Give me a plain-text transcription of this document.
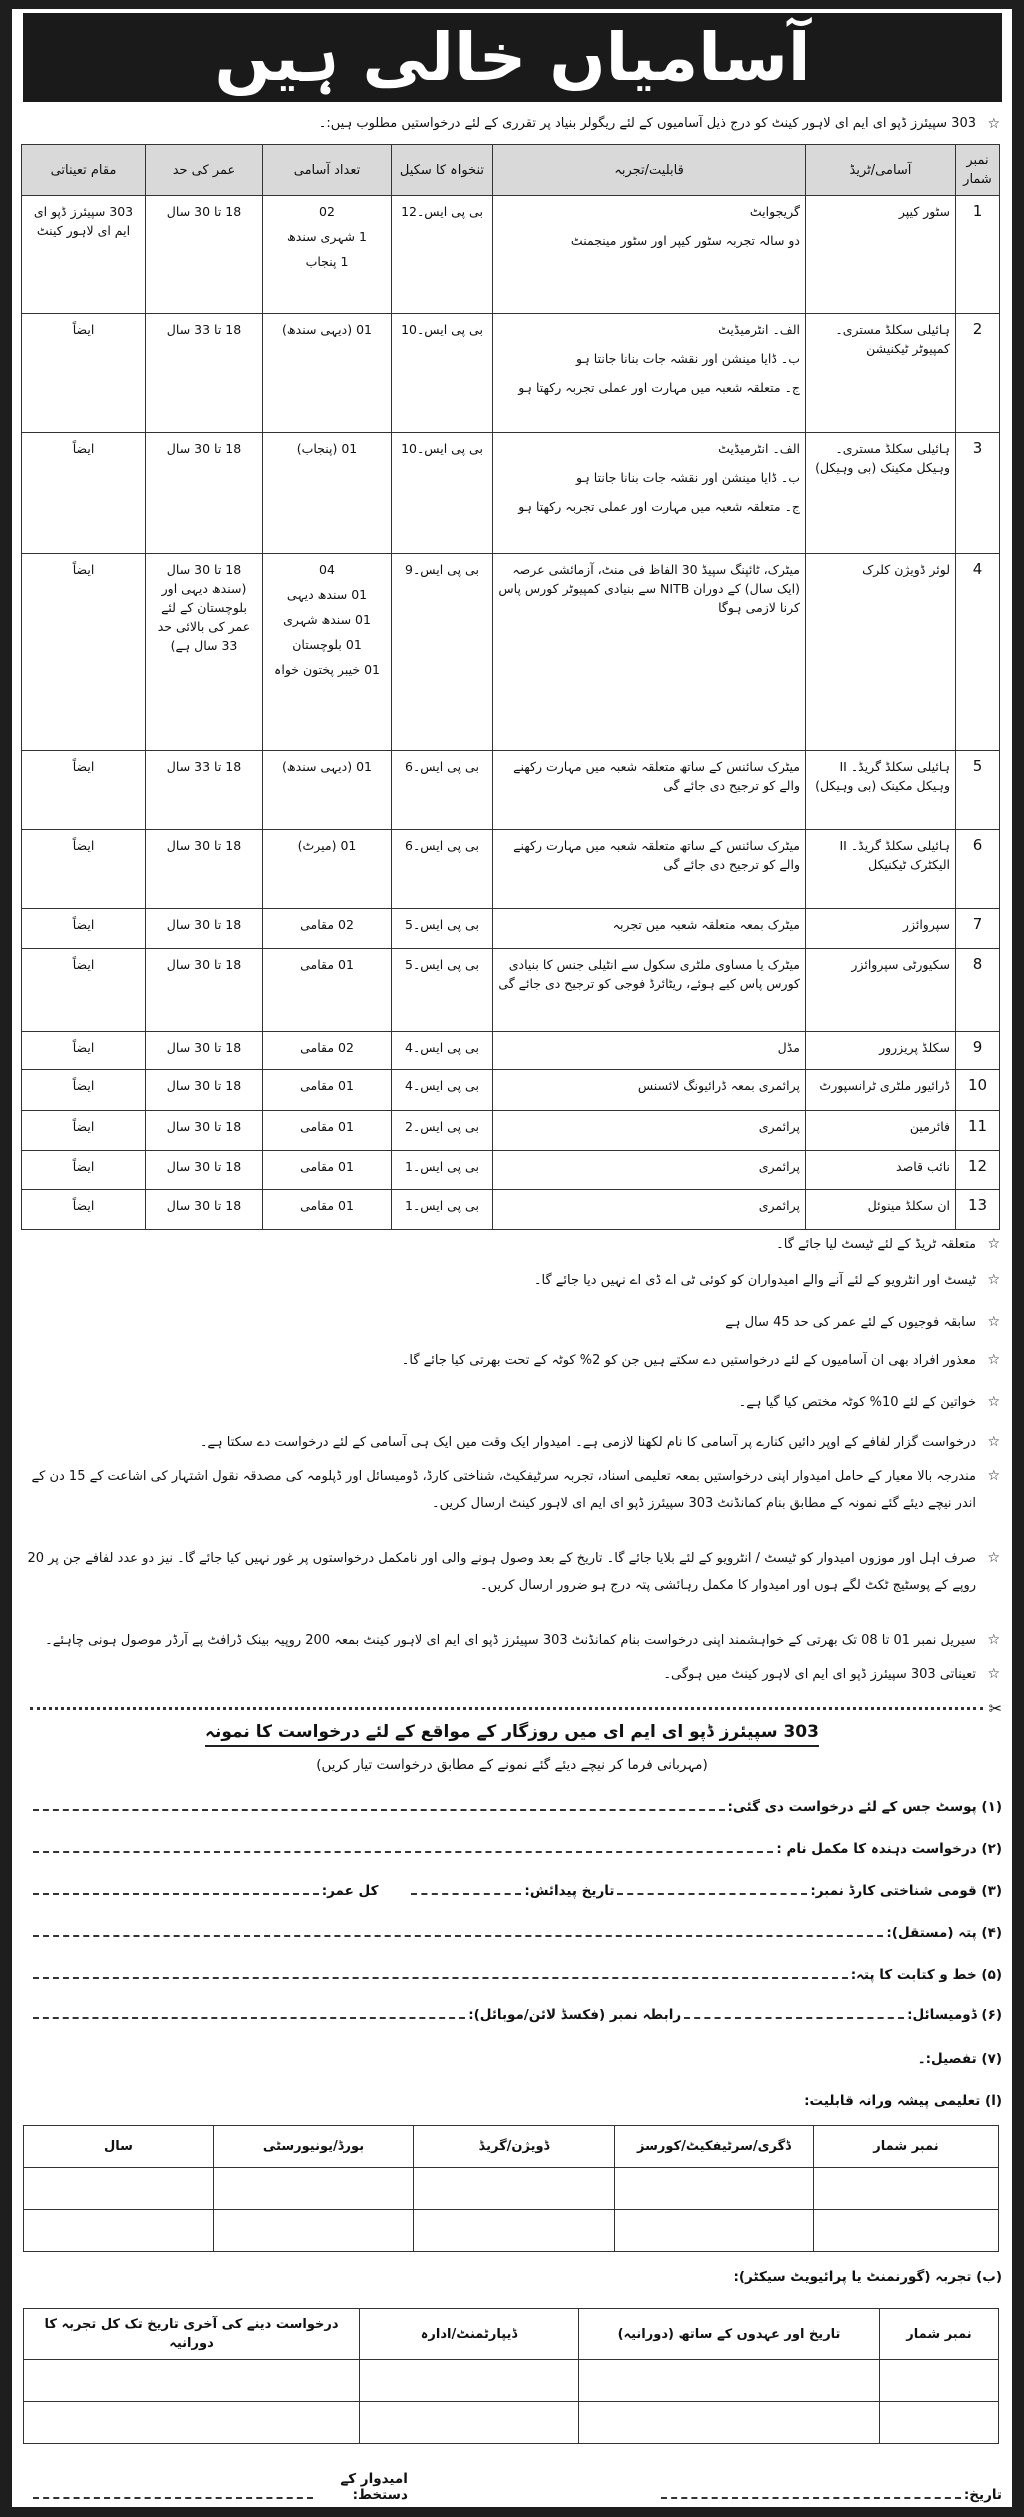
آسامیاں خالی ہیں
☆
303 سپیئرز ڈپو ای ایم ای لاہور کینٹ کو درج ذیل آسامیوں کے لئے ریگولر بنیاد پر تقرری کے لئے درخواستیں مطلوب ہیں:۔
نمبر شمار	آسامی/ٹریڈ	قابلیت/تجربہ	تنخواہ کا سکیل	تعداد آسامی	عمر کی حد	مقام تعیناتی
1	سٹور کیپر	گریجوایٹ
دو سالہ تجربہ سٹور کیپر اور سٹور مینجمنٹ	بی پی ایس۔12	02
1 شہری سندھ
1 پنجاب	18 تا 30 سال	303 سپیئرز ڈپو ای ایم ای لاہور کینٹ

2	ہائیلی سکلڈ مستری۔ کمپیوٹر ٹیکنیشن	الف۔ انٹرمیڈیٹ
ب۔ ڈایا مینشن اور نقشہ جات بنانا جانتا ہو
ج۔ متعلقہ شعبہ میں مہارت اور عملی تجربہ رکھتا ہو	بی پی ایس۔10	01 (دیہی سندھ)	18 تا 33 سال	ایضاً

3	ہائیلی سکلڈ مستری۔ وہیکل مکینک (بی وہیکل)	الف۔ انٹرمیڈیٹ
ب۔ ڈایا مینشن اور نقشہ جات بنانا جانتا ہو
ج۔ متعلقہ شعبہ میں مہارت اور عملی تجربہ رکھتا ہو	بی پی ایس۔10	01 (پنجاب)	18 تا 30 سال	ایضاً

4	لوئر ڈویژن کلرک	میٹرک، ٹائپنگ سپیڈ 30 الفاظ فی منٹ، آزمائشی عرصہ (ایک سال) کے دوران NITB سے بنیادی کمپیوٹر کورس پاس کرنا لازمی ہوگا	بی پی ایس۔9	04
01 سندھ دیہی
01 سندھ شہری
01 بلوچستان
01 خیبر پختون خواہ	18 تا 30 سال (سندھ دیہی اور بلوچستان کے لئے عمر کی بالائی حد 33 سال ہے)	ایضاً

5	ہائیلی سکلڈ گریڈ۔ II وہیکل مکینک (بی وہیکل)	میٹرک سائنس کے ساتھ متعلقہ شعبہ میں مہارت رکھنے والے کو ترجیح دی جائے گی	بی پی ایس۔6	01 (دیہی سندھ)	18 تا 33 سال	ایضاً

6	ہائیلی سکلڈ گریڈ۔ II الیکٹرک ٹیکنیکل	میٹرک سائنس کے ساتھ متعلقہ شعبہ میں مہارت رکھنے والے کو ترجیح دی جائے گی	بی پی ایس۔6	01 (میرٹ)	18 تا 30 سال	ایضاً

7	سپروائزر	میٹرک بمعہ متعلقہ شعبہ میں تجربہ	بی پی ایس۔5	02 مقامی	18 تا 30 سال	ایضاً

8	سکیورٹی سپروائزر	میٹرک یا مساوی ملٹری سکول سے انٹیلی جنس کا بنیادی کورس پاس کیے ہوئے، ریٹائرڈ فوجی کو ترجیح دی جائے گی	بی پی ایس۔5	01 مقامی	18 تا 30 سال	ایضاً

9	سکلڈ پریزرور	مڈل	بی پی ایس۔4	02 مقامی	18 تا 30 سال	ایضاً

10	ڈرائیور ملٹری ٹرانسپورٹ	پرائمری بمعہ ڈرائیونگ لائسنس	بی پی ایس۔4	01 مقامی	18 تا 30 سال	ایضاً

11	فائرمین	پرائمری	بی پی ایس۔2	01 مقامی	18 تا 30 سال	ایضاً

12	نائب قاصد	پرائمری	بی پی ایس۔1	01 مقامی	18 تا 30 سال	ایضاً

13	ان سکلڈ مینوئل	پرائمری	بی پی ایس۔1	01 مقامی	18 تا 30 سال	ایضاً
☆
متعلقہ ٹریڈ کے لئے ٹیسٹ لیا جائے گا۔
☆
ٹیسٹ اور انٹرویو کے لئے آنے والے امیدواران کو کوئی ٹی اے ڈی اے نہیں دیا جائے گا۔
☆
سابقہ فوجیوں کے لئے عمر کی حد 45 سال ہے
☆
معذور افراد بھی ان آسامیوں کے لئے درخواستیں دے سکتے ہیں جن کو 2% کوٹہ کے تحت بھرتی کیا جائے گا۔
☆
خواتین کے لئے 10% کوٹہ مختص کیا گیا ہے۔
☆
درخواست گزار لفافے کے اوپر دائیں کنارے پر آسامی کا نام لکھنا لازمی ہے۔ امیدوار ایک وقت میں ایک ہی آسامی کے لئے درخواست دے سکتا ہے۔
☆
مندرجہ بالا معیار کے حامل امیدوار اپنی درخواستیں بمعہ تعلیمی اسناد، تجربہ سرٹیفکیٹ، شناختی کارڈ، ڈومیسائل اور ڈپلومہ کی مصدقہ نقول اشتہار کی اشاعت کے 15 دن کے اندر نیچے دیئے گئے نمونہ کے مطابق بنام کمانڈنٹ 303 سپیئرز ڈپو ای ایم ای لاہور کینٹ ارسال کریں۔
☆
صرف اہل اور موزوں امیدوار کو ٹیسٹ / انٹرویو کے لئے بلایا جائے گا۔ تاریخ کے بعد وصول ہونے والی اور نامکمل درخواستوں پر غور نہیں کیا جائے گا۔ نیز دو عدد لفافے جن پر 20 روپے کے پوسٹیج ٹکٹ لگے ہوں اور امیدوار کا مکمل رہائشی پتہ درج ہو ضرور ارسال کریں۔
☆
سیریل نمبر 01 تا 08 تک بھرتی کے خواہشمند اپنی درخواست بنام کمانڈنٹ 303 سپیئرز ڈپو ای ایم ای لاہور کینٹ بمعہ 200 روپیہ بینک ڈرافٹ پے آرڈر موصول ہونی چاہئے۔
☆
تعیناتی 303 سپیئرز ڈپو ای ایم ای لاہور کینٹ میں ہوگی۔
✂
303 سپیئرز ڈپو ای ایم ای میں روزگار کے مواقع کے لئے درخواست کا نمونہ
(مہربانی فرما کر نیچے دیئے گئے نمونے کے مطابق درخواست تیار کریں)
(۱) پوسٹ جس کے لئے درخواست دی گئی:
(۲) درخواست دہندہ کا مکمل نام :
(۳) قومی شناختی کارڈ نمبر:
تاریخ پیدائش:
کل عمر:
(۴) پتہ (مستقل):
(۵) خط و کتابت کا پتہ:
(۶) ڈومیسائل:
رابطہ نمبر (فکسڈ لائن/موبائل):
(۷) تفصیل:۔
(ا) تعلیمی پیشہ ورانہ قابلیت:
نمبر شمار	ڈگری/سرٹیفکیٹ/کورسز	ڈویژن/گریڈ	بورڈ/یونیورسٹی	سال

(ب) تجربہ (گورنمنٹ یا پرائیویٹ سیکٹر):
نمبر شمار	تاریخ اور عہدوں کے ساتھ (دورانیہ)	ڈیپارٹمنٹ/ادارہ	درخواست دینے کی آخری تاریخ تک کل تجربہ کا دورانیہ

تاریخ:
امیدوار کے دستخط:
